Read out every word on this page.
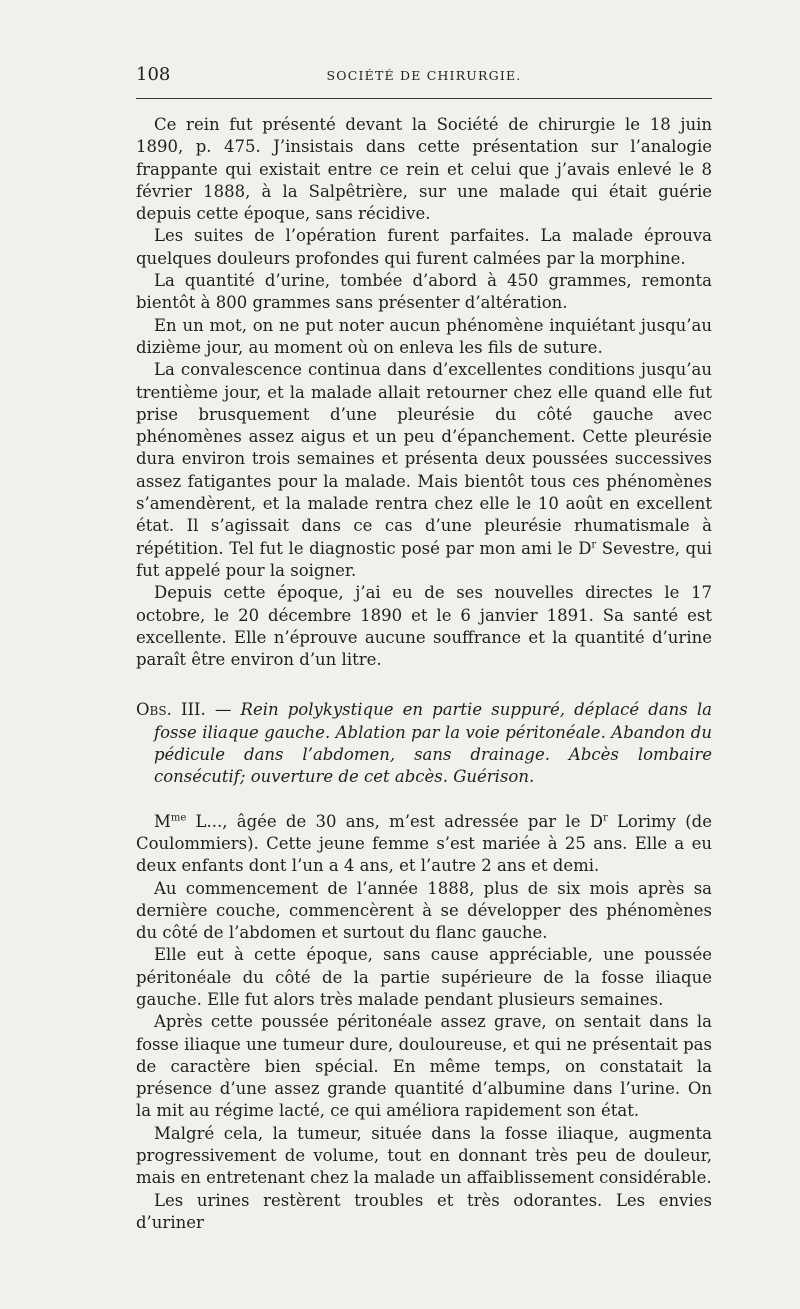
108	SOCIÉTÉ DE CHIRURGIE.

Ce rein fut présenté devant la Société de chirurgie le 18 juin 1890, p. 475. J’insistais dans cette présentation sur l’analogie frappante qui existait entre ce rein et celui que j’avais enlevé le 8 février 1888, à la Salpêtrière, sur une malade qui était guérie depuis cette époque, sans récidive.

Les suites de l’opération furent parfaites. La malade éprouva quelques douleurs profondes qui furent calmées par la morphine.

La quantité d’urine, tombée d’abord à 450 grammes, remonta bientôt à 800 grammes sans présenter d’altération.

En un mot, on ne put noter aucun phénomène inquiétant jusqu’au dizième jour, au moment où on enleva les fils de suture.

La convalescence continua dans d’excellentes conditions jusqu’au trentième jour, et la malade allait retourner chez elle quand elle fut prise brusquement d’une pleurésie du côté gauche avec phénomènes assez aigus et un peu d’épanchement. Cette pleurésie dura environ trois semaines et présenta deux poussées successives assez fatigantes pour la malade. Mais bientôt tous ces phénomènes s’amendèrent, et la malade rentra chez elle le 10 août en excellent état. Il s’agissait dans ce cas d’une pleurésie rhumatismale à répétition. Tel fut le diagnostic posé par mon ami le $D^r$ Sevestre, qui fut appelé pour la soigner.

Depuis cette époque, j’ai eu de ses nouvelles directes le 17 octobre, le 20 décembre 1890 et le 6 janvier 1891. Sa santé est excellente. Elle n’éprouve aucune souffrance et la quantité d’urine paraît être environ d’un litre.

Obs. III. — Rein polykystique en partie suppuré, déplacé dans la fosse iliaque gauche. Ablation par la voie péritonéale. Abandon du pédicule dans l’abdomen, sans drainage. Abcès lombaire consécutif; ouverture de cet abcès. Guérison.

$M^{me}$ L..., âgée de 30 ans, m’est adressée par le $D^r$ Lorimy (de Coulommiers). Cette jeune femme s’est mariée à 25 ans. Elle a eu deux enfants dont l’un a 4 ans, et l’autre 2 ans et demi.

Au commencement de l’année 1888, plus de six mois après sa dernière couche, commencèrent à se développer des phénomènes du côté de l’abdomen et surtout du flanc gauche.

Elle eut à cette époque, sans cause appréciable, une poussée péritonéale du côté de la partie supérieure de la fosse iliaque gauche. Elle fut alors très malade pendant plusieurs semaines.

Après cette poussée péritonéale assez grave, on sentait dans la fosse iliaque une tumeur dure, douloureuse, et qui ne présentait pas de caractère bien spécial. En même temps, on constatait la présence d’une assez grande quantité d’albumine dans l’urine. On la mit au régime lacté, ce qui améliora rapidement son état.

Malgré cela, la tumeur, située dans la fosse iliaque, augmenta progressivement de volume, tout en donnant très peu de douleur, mais en entretenant chez la malade un affaiblissement considérable.

Les urines restèrent troubles et très odorantes. Les envies d’uriner
